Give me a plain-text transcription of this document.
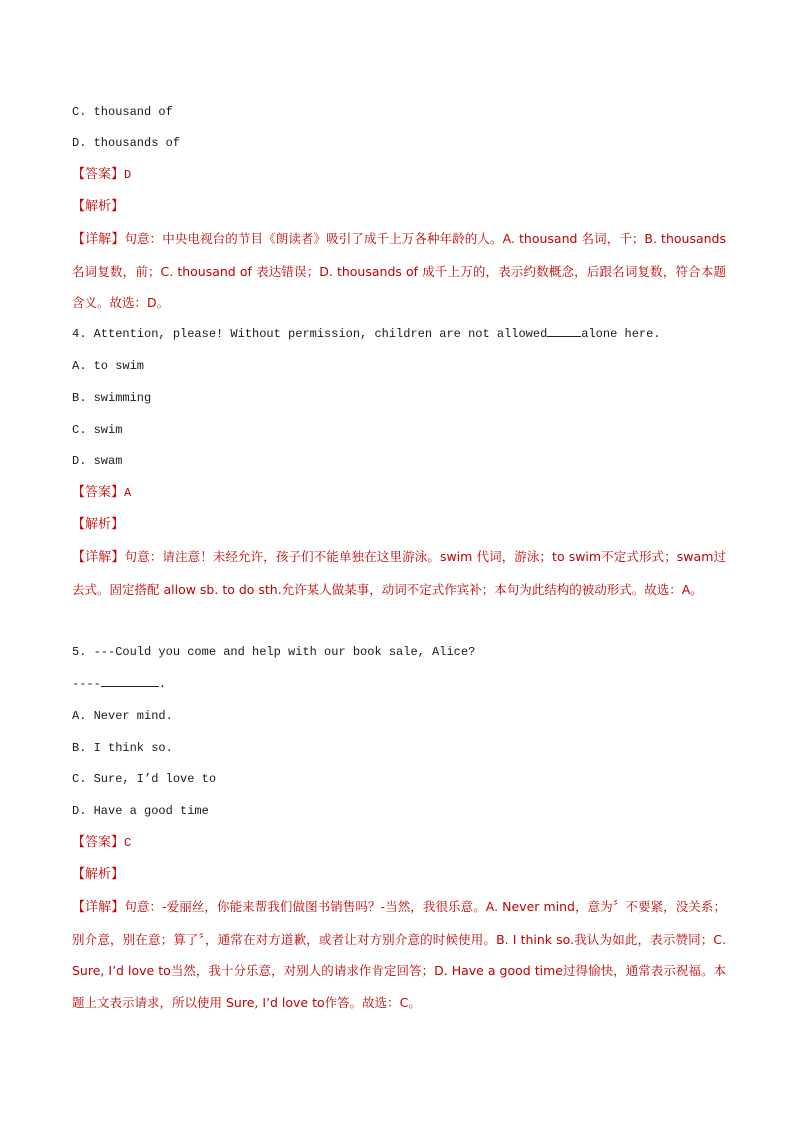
C. thousand of
D. thousands of
【答案】D
【解析】
【详解】句意：中央电视台的节目《朗读者》吸引了成千上万各种年龄的人。A. thousand 名词，千；B. thousands名词复数，前；C. thousand of 表达错误；D. thousands of 成千上万的，表示约数概念，后跟名词复数，符合本题含义。故选：D。
4. Attention, please! Without permission, children are not allowed	alone here.
A. to swim
B. swimming
C. swim
D. swam
【答案】A
【解析】
【详解】句意：请注意！未经允许，孩子们不能单独在这里游泳。swim 代词，游泳；to swim不定式形式；swam过去式。固定搭配 allow sb. to do sth.允许某人做某事，动词不定式作宾补；本句为此结构的被动形式。故选：A。
5. ---Could you come and help with our book sale, Alice?
----	.
A. Never mind.
B. I think so.
C. Sure, I’d love to
D. Have a good time
【答案】C
【解析】
【详解】句意：-爱丽丝，你能来帮我们做图书销售吗？-当然，我很乐意。A. Never mind，意为〞不要紧，没关系；别介意，别在意；算了〞，通常在对方道歉，或者让对方别介意的时候使用。B. I think so.我认为如此，表示赞同；C. Sure, I’d love to当然，我十分乐意，对别人的请求作肯定回答；D. Have a good time过得愉快，通常表示祝福。本题上文表示请求，所以使用 Sure, I’d love to作答。故选：C。
